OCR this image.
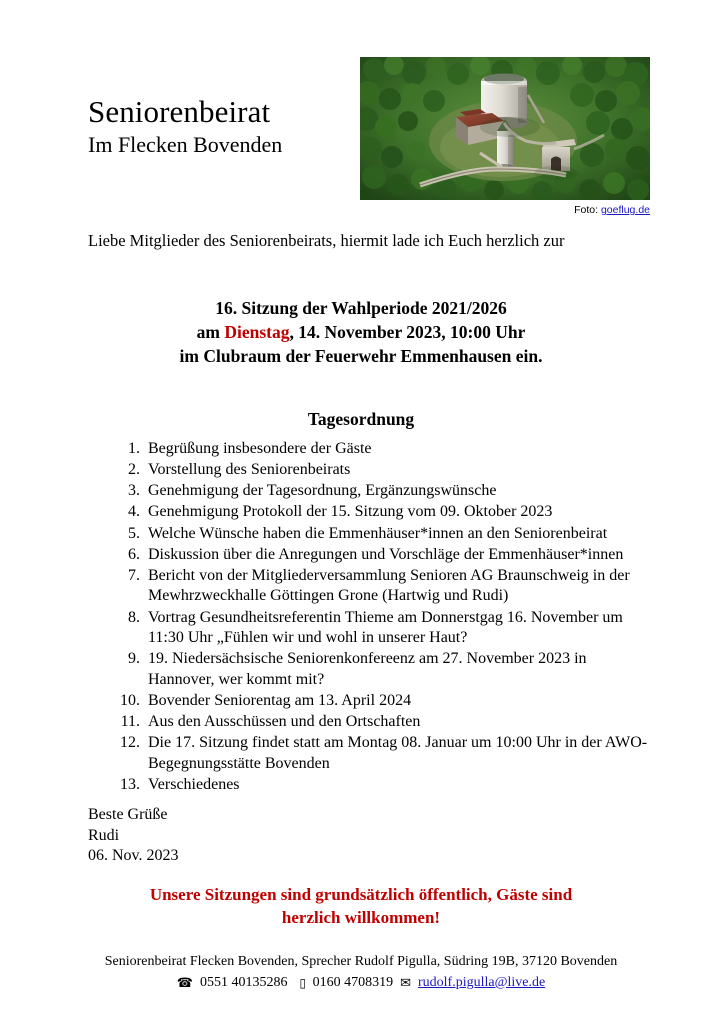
Seniorenbeirat
Im Flecken Bovenden
Foto: goeflug.de
Liebe Mitglieder des Seniorenbeirats, hiermit lade ich Euch herzlich zur
16. Sitzung der Wahlperiode 2021/2026
am Dienstag, 14. November 2023, 10:00 Uhr
im Clubraum der Feuerwehr Emmenhausen ein.
Tagesordnung
1. Begrüßung insbesondere der Gäste
2. Vorstellung des Seniorenbeirats
3. Genehmigung der Tagesordnung, Ergänzungswünsche
4. Genehmigung Protokoll der 15. Sitzung vom 09. Oktober 2023
5. Welche Wünsche haben die Emmenhäuser*innen an den Seniorenbeirat
6. Diskussion über die Anregungen und Vorschläge der Emmenhäuser*innen
7. Bericht von der Mitgliederversammlung Senioren AG Braunschweig in der Mewhrzweckhalle Göttingen Grone (Hartwig und Rudi)
8. Vortrag Gesundheitsreferentin Thieme am Donnerstgag 16. November um 11:30 Uhr „Fühlen wir und wohl in unserer Haut?
9. 19. Niedersächsische Seniorenkonfereenz am 27. November 2023 in Hannover, wer kommt mit?
10. Bovender Seniorentag am 13. April 2024
11. Aus den Ausschüssen und den Ortschaften
12. Die 17. Sitzung findet statt am Montag 08. Januar um 10:00 Uhr in der AWO-Begegnungsstätte Bovenden
13. Verschiedenes
Beste Grüße
Rudi
06. Nov. 2023
Unsere Sitzungen sind grundsätzlich öffentlich, Gäste sind
herzlich willkommen!
Seniorenbeirat Flecken Bovenden, Sprecher Rudolf Pigulla, Südring 19B, 37120 Bovenden
☎ 0551 40135286 ▯ 0160 4708319 ✉ rudolf.pigulla@live.de
